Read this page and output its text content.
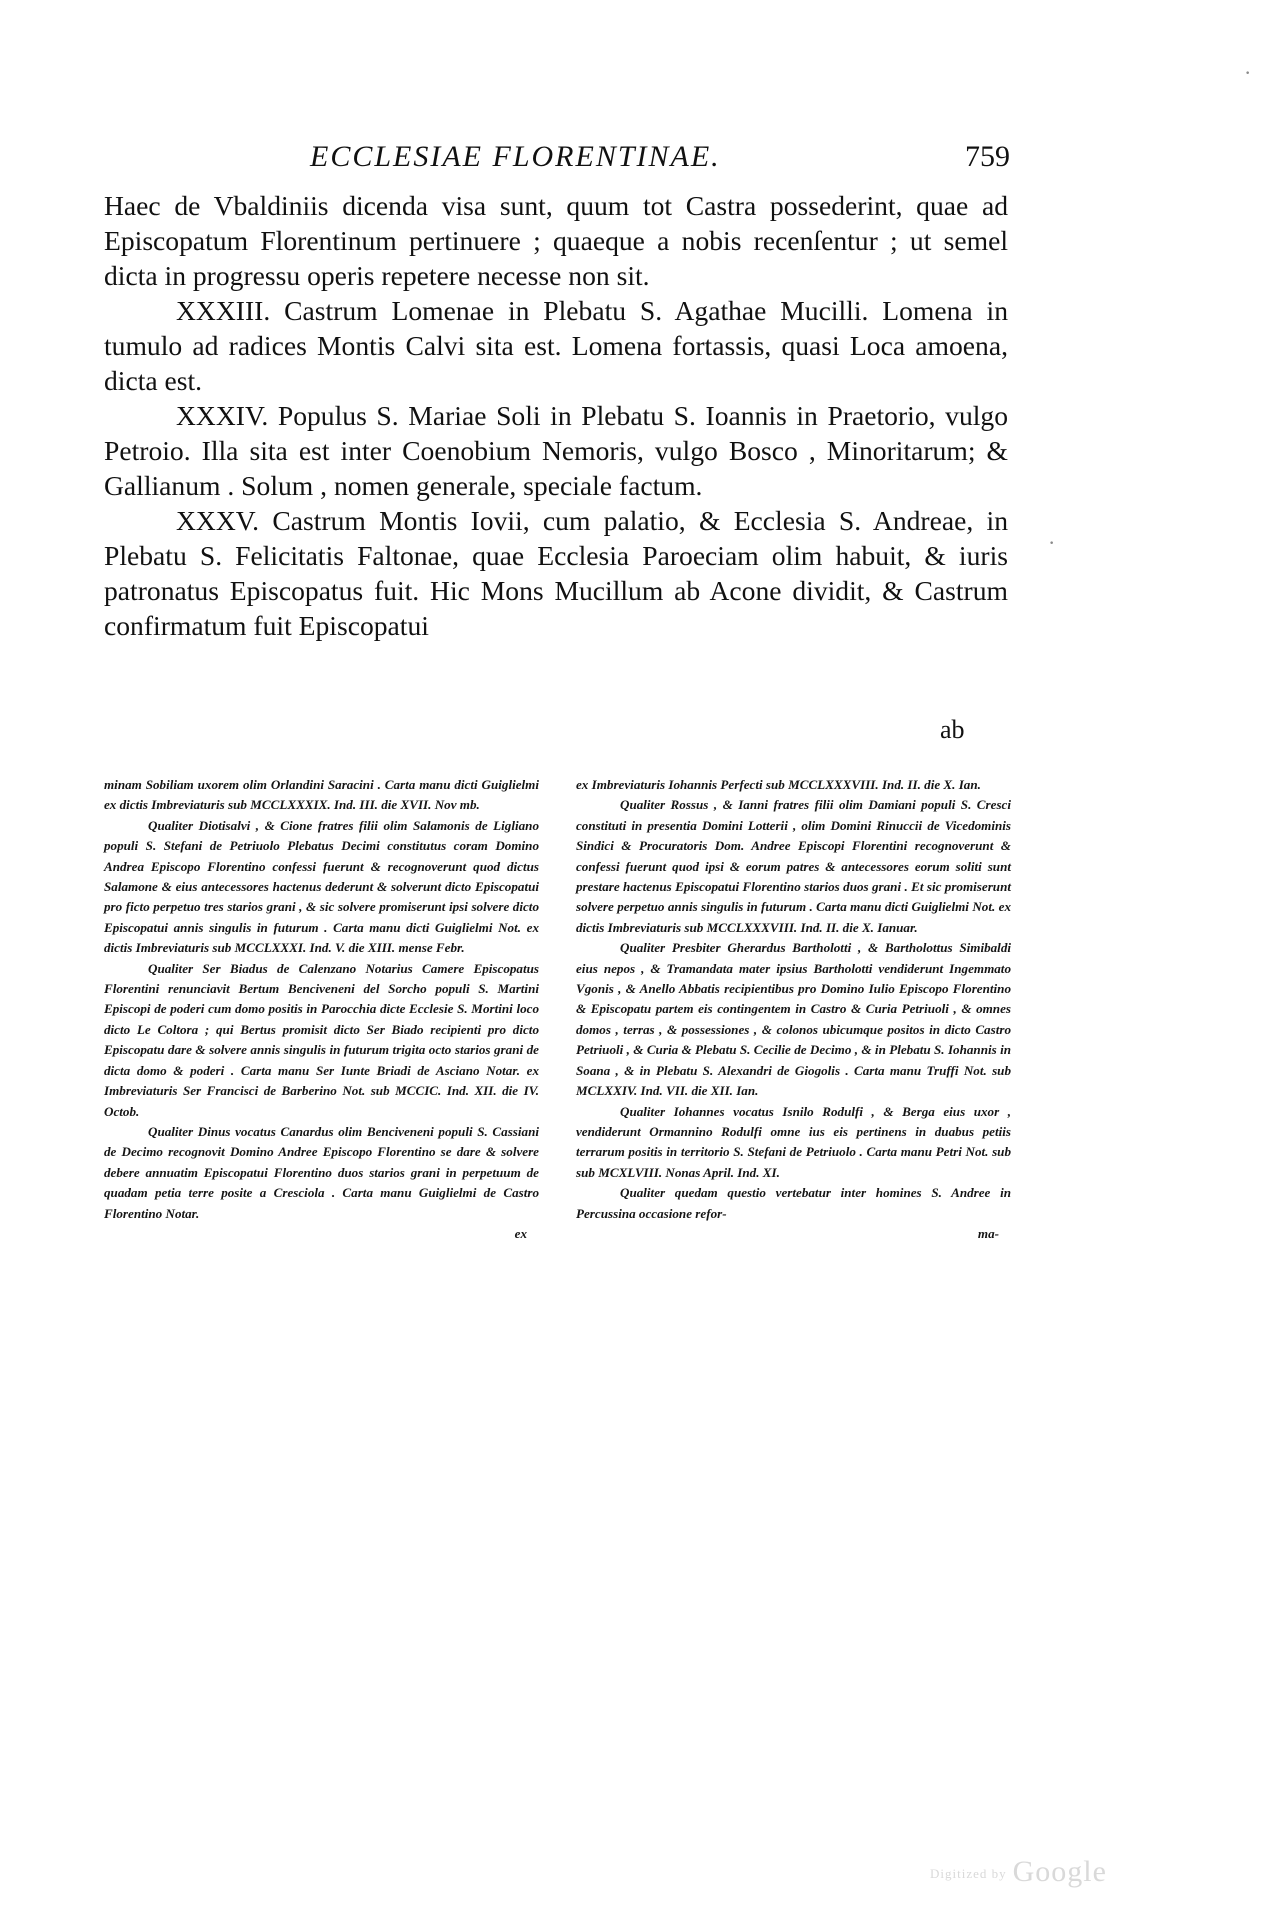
ECCLESIAE FLORENTINAE.	759

Haec de Vbaldiniis dicenda visa sunt, quum tot Castra possederint, quae ad Episcopatum Florentinum pertinuere ; quaeque a nobis recenſentur ; ut semel dicta in progressu operis repetere necesse non sit.

XXXIII. Castrum Lomenae in Plebatu S. Agathae Mucilli. Lomena in tumulo ad radices Montis Calvi sita est. Lomena fortassis, quasi Loca amoena, dicta est.

XXXIV. Populus S. Mariae Soli in Plebatu S. Ioannis in Praetorio, vulgo Petroio. Illa sita est inter Coenobium Nemoris, vulgo Bosco , Minoritarum; & Gallianum . Solum , nomen generale, speciale factum.

XXXV. Castrum Montis Iovii, cum palatio, & Ecclesia S. Andreae, in Plebatu S. Felicitatis Faltonae, quae Ecclesia Paroeciam olim habuit, & iuris patronatus Episcopatus fuit. Hic Mons Mucillum ab Acone dividit, & Castrum confirmatum fuit Episcopatui

ab

minam Sobiliam uxorem olim Orlandini Saracini . Carta manu dicti Guiglielmi ex dictis Imbreviaturis sub MCCLXXXIX. Ind. III. die XVII. Nov mb.

Qualiter Diotisalvi , & Cione fratres filii olim Salamonis de Ligliano populi S. Stefani de Petriuolo Plebatus Decimi constitutus coram Domino Andrea Episcopo Florentino confessi fuerunt & recognoverunt quod dictus Salamone & eius antecessores hactenus dederunt & solverunt dicto Episcopatui pro ficto perpetuo tres starios grani , & sic solvere promiserunt ipsi solvere dicto Episcopatui annis singulis in futurum . Carta manu dicti Guiglielmi Not. ex dictis Imbreviaturis sub MCCLXXXI. Ind. V. die XIII. mense Febr.

Qualiter Ser Biadus de Calenzano Notarius Camere Episcopatus Florentini renunciavit Bertum Benciveneni del Sorcho populi S. Martini Episcopi de poderi cum domo positis in Parocchia dicte Ecclesie S. Mortini loco dicto Le Coltora ; qui Bertus promisit dicto Ser Biado recipienti pro dicto Episcopatu dare & solvere annis singulis in futurum trigita octo starios grani de dicta domo & poderi . Carta manu Ser Iunte Briadi de Asciano Notar. ex Imbreviaturis Ser Francisci de Barberino Not. sub MCCIC. Ind. XII. die IV. Octob.

Qualiter Dinus vocatus Canardus olim Benciveneni populi S. Cassiani de Decimo recognovit Domino Andree Episcopo Florentino se dare & solvere debere annuatim Episcopatui Florentino duos starios grani in perpetuum de quadam petia terre posite a Cresciola . Carta manu Guiglielmi de Castro Florentino Notar.

ex

ex Imbreviaturis Iohannis Perfecti sub MCCLXXXVIII. Ind. II. die X. Ian.

Qualiter Rossus , & Ianni fratres filii olim Damiani populi S. Cresci constituti in presentia Domini Lotterii , olim Domini Rinuccii de Vicedominis Sindici & Procuratoris Dom. Andree Episcopi Florentini recognoverunt & confessi fuerunt quod ipsi & eorum patres & antecessores eorum soliti sunt prestare hactenus Episcopatui Florentino starios duos grani . Et sic promiserunt solvere perpetuo annis singulis in futurum . Carta manu dicti Guiglielmi Not. ex dictis Imbreviaturis sub MCCLXXXVIII. Ind. II. die X. Ianuar.

Qualiter Presbiter Gherardus Bartholotti , & Bartholottus Simibaldi eius nepos , & Tramandata mater ipsius Bartholotti vendiderunt Ingemmato Vgonis , & Anello Abbatis recipientibus pro Domino Iulio Episcopo Florentino & Episcopatu partem eis contingentem in Castro & Curia Petriuoli , & omnes domos , terras , & possessiones , & colonos ubicumque positos in dicto Castro Petriuoli , & Curia & Plebatu S. Cecilie de Decimo , & in Plebatu S. Iohannis in Soana , & in Plebatu S. Alexandri de Giogolis . Carta manu Truffi Not. sub MCLXXIV. Ind. VII. die XII. Ian.

Qualiter Iohannes vocatus Isnilo Rodulfi , & Berga eius uxor , vendiderunt Ormannino Rodulfi omne ius eis pertinens in duabus petiis terrarum positis in territorio S. Stefani de Petriuolo . Carta manu Petri Not. sub sub MCXLVIII. Nonas April. Ind. XI.

Qualiter quedam questio vertebatur inter homines S. Andree in Percussina occasione refor-

ma-

·
·
Digitized by Google
